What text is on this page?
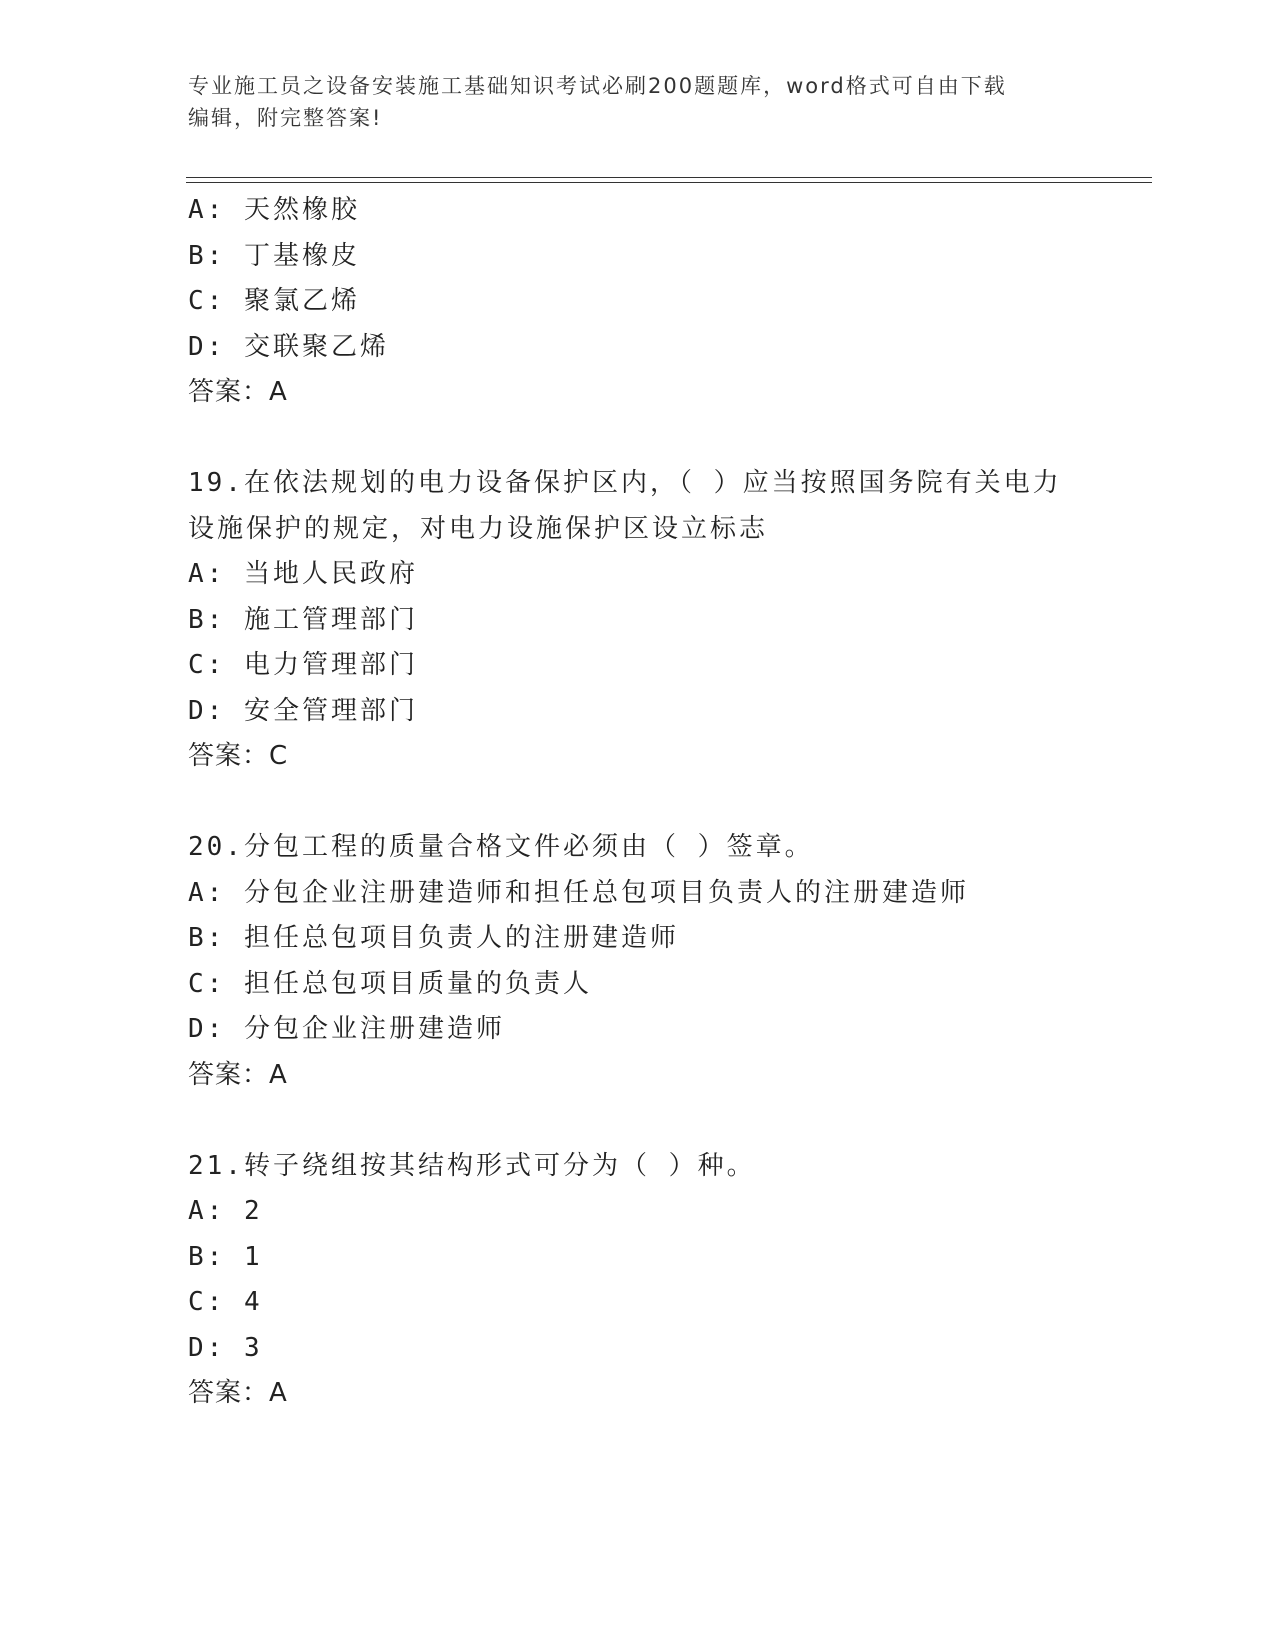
专业施工员之设备安装施工基础知识考试必刷200题题库，word格式可自由下载
编辑，附完整答案!
A: 天然橡胶
B: 丁基橡皮
C: 聚氯乙烯
D: 交联聚乙烯
答案：A
19.在依法规划的电力设备保护区内，（ ）应当按照国务院有关电力
设施保护的规定，对电力设施保护区设立标志
A: 当地人民政府
B: 施工管理部门
C: 电力管理部门
D: 安全管理部门
答案：C
20.分包工程的质量合格文件必须由（ ）签章。
A: 分包企业注册建造师和担任总包项目负责人的注册建造师
B: 担任总包项目负责人的注册建造师
C: 担任总包项目质量的负责人
D: 分包企业注册建造师
答案：A
21.转子绕组按其结构形式可分为（ ）种。
A: 2
B: 1
C: 4
D: 3
答案：A
